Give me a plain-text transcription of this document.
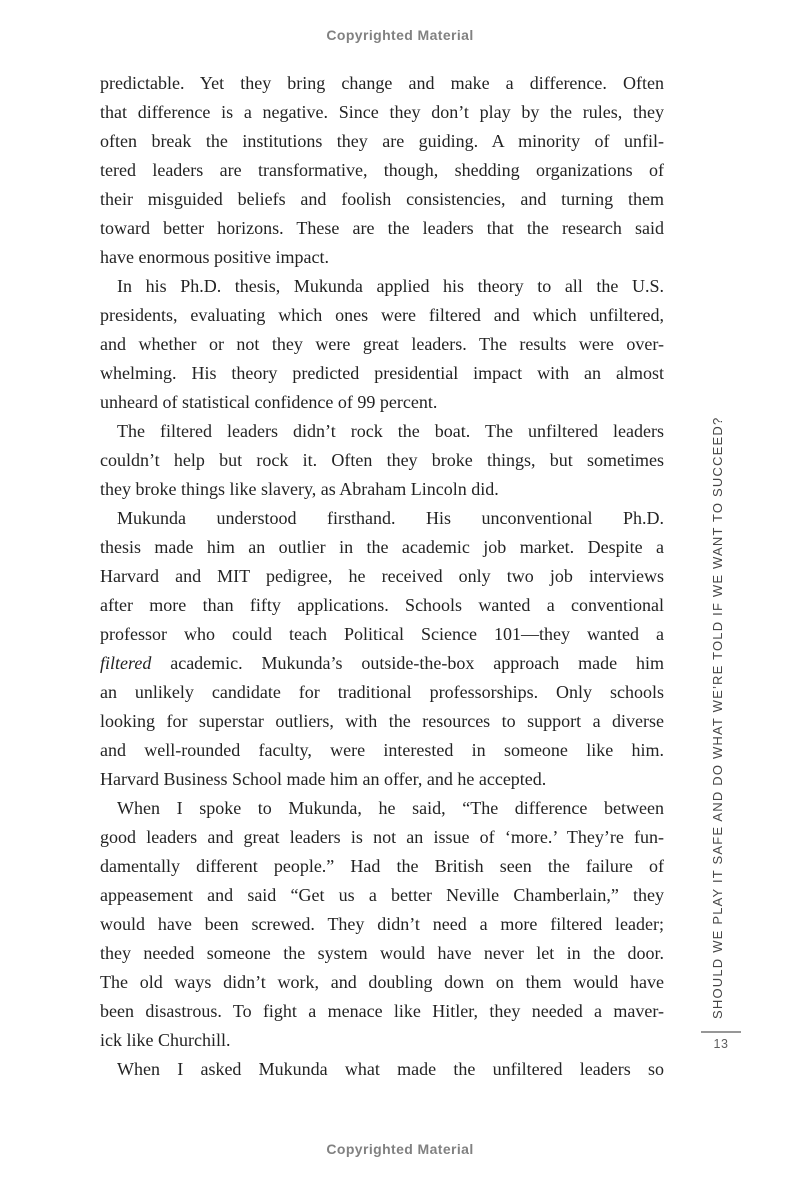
Copyrighted Material
predictable. Yet they bring change and make a difference. Often
that difference is a negative. Since they don’t play by the rules, they
often break the institutions they are guiding. A minority of unfil-
tered leaders are transformative, though, shedding organizations of
their misguided beliefs and foolish consistencies, and turning them
toward better horizons. These are the leaders that the research said
have enormous positive impact.
In his Ph.D. thesis, Mukunda applied his theory to all the U.S.
presidents, evaluating which ones were filtered and which unfiltered,
and whether or not they were great leaders. The results were over-
whelming. His theory predicted presidential impact with an almost
unheard of statistical confidence of 99 percent.
The filtered leaders didn’t rock the boat. The unfiltered leaders
couldn’t help but rock it. Often they broke things, but sometimes
they broke things like slavery, as Abraham Lincoln did.
Mukunda understood firsthand. His unconventional Ph.D.
thesis made him an outlier in the academic job market. Despite a
Harvard and MIT pedigree, he received only two job interviews
after more than fifty applications. Schools wanted a conventional
professor who could teach Political Science 101—they wanted a
filtered academic. Mukunda’s outside-the-box approach made him
an unlikely candidate for traditional professorships. Only schools
looking for superstar outliers, with the resources to support a diverse
and well-rounded faculty, were interested in someone like him.
Harvard Business School made him an offer, and he accepted.
When I spoke to Mukunda, he said, “The difference between
good leaders and great leaders is not an issue of ‘more.’ They’re fun-
damentally different people.” Had the British seen the failure of
appeasement and said “Get us a better Neville Chamberlain,” they
would have been screwed. They didn’t need a more filtered leader;
they needed someone the system would have never let in the door.
The old ways didn’t work, and doubling down on them would have
been disastrous. To fight a menace like Hitler, they needed a maver-
ick like Churchill.
When I asked Mukunda what made the unfiltered leaders so
SHOULD WE PLAY IT SAFE AND DO WHAT WE’RE TOLD IF WE WANT TO SUCCEED?
13
Copyrighted Material
